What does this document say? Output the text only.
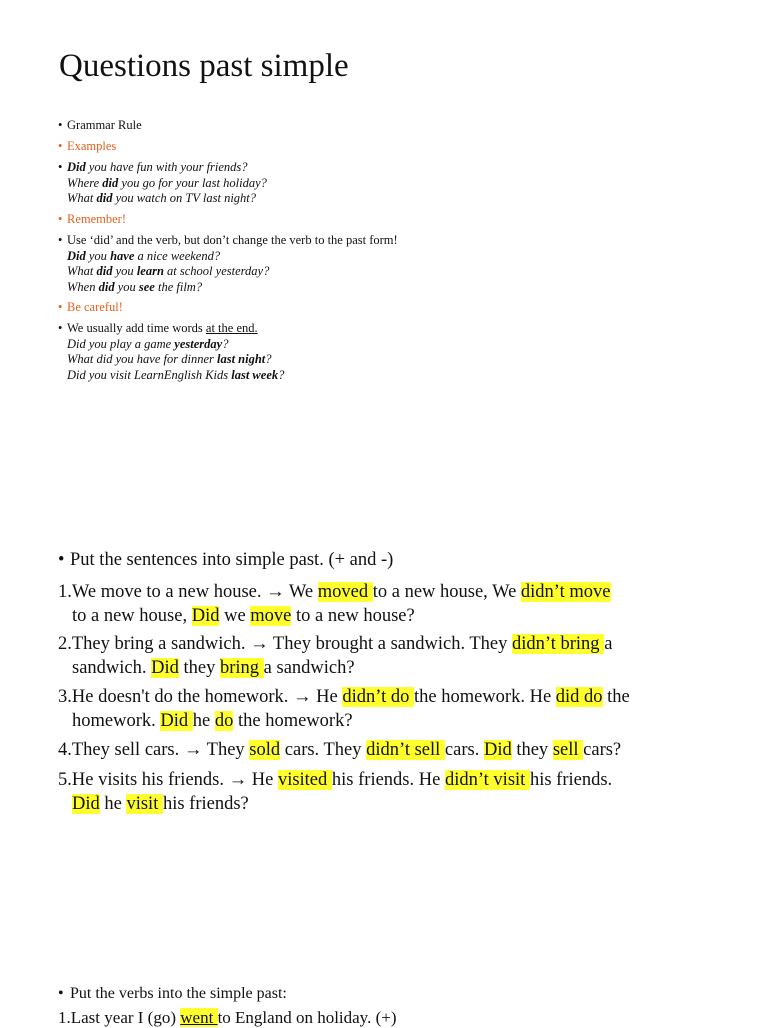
Questions past simple
• Grammar Rule
• Examples
• Did you have fun with your friends?
Where did you go for your last holiday?
What did you watch on TV last night?
• Remember!
• Use ‘did’ and the verb, but don’t change the verb to the past form!
Did you have a nice weekend?
What did you learn at school yesterday?
When did you see the film?
• Be careful!
• We usually add time words at the end.
Did you play a game yesterday?
What did you have for dinner last night?
Did you visit LearnEnglish Kids last week?
• Put the sentences into simple past. (+ and -)
1.We move to a new house. → We moved to a new house, We didn’t move
to a new house, Did we move to a new house?
2.They bring a sandwich. → They brought a sandwich. They didn’t bring a
sandwich. Did they bring a sandwich?
3.He doesn't do the homework. → He didn’t do the homework. He did do the
homework. Did he do the homework?
4.They sell cars. → They sold cars. They didn’t sell cars. Did they sell cars?
5.He visits his friends. → He visited his friends. He didn’t visit his friends.
Did he visit his friends?
• Put the verbs into the simple past:
1.Last year I (go) went to England on holiday. (+)
